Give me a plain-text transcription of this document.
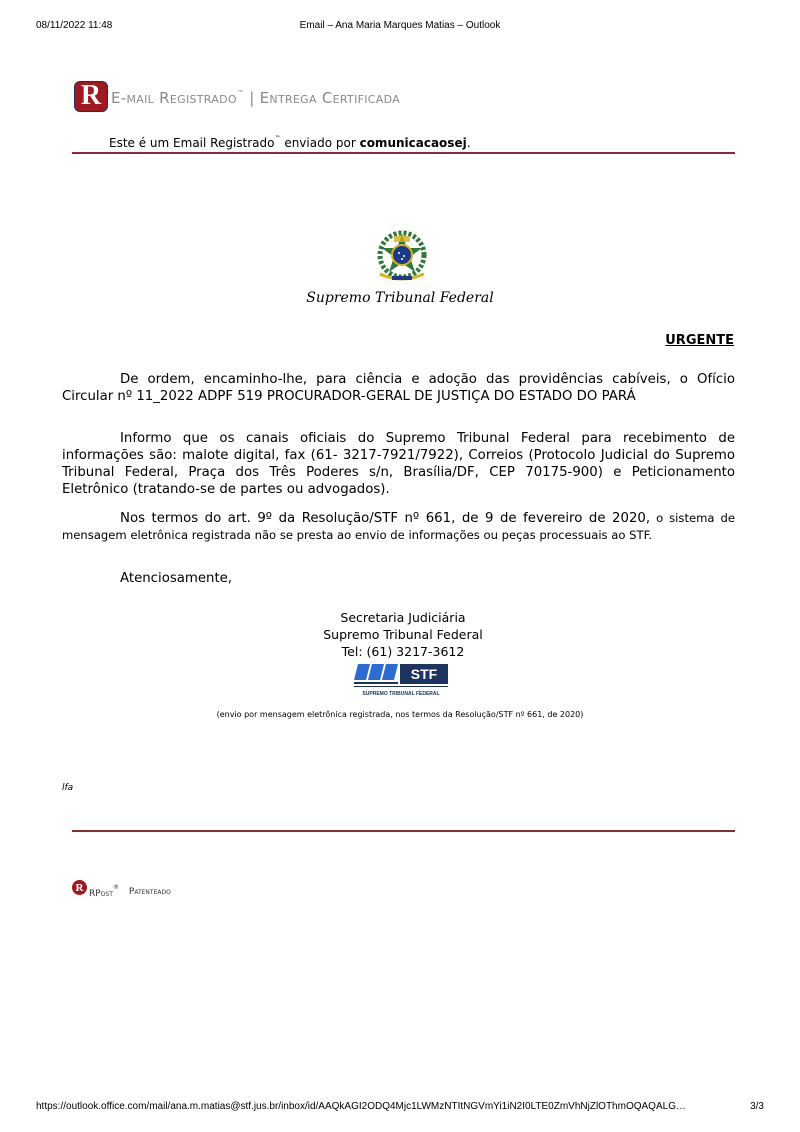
08/11/2022 11:48	Email – Ana Maria Marques Matias – Outlook
R E-mail Registrado™ | Entrega Certificada
Este é um Email Registrado™ enviado por comunicacaosej.
Supremo Tribunal Federal
URGENTE
De ordem, encaminho-lhe, para ciência e adoção das providências cabíveis, o Ofício Circular nº 11_2022 ADPF 519 PROCURADOR-GERAL DE JUSTIÇA DO ESTADO DO PARÁ
Informo que os canais oficiais do Supremo Tribunal Federal para recebimento de informações são: malote digital, fax (61- 3217-7921/7922), Correios (Protocolo Judicial do Supremo Tribunal Federal, Praça dos Três Poderes s/n, Brasília/DF, CEP 70175-900) e Peticionamento Eletrônico (tratando-se de partes ou advogados).
Nos termos do art. 9º da Resolução/STF nº 661, de 9 de fevereiro de 2020, o sistema de mensagem eletrônica registrada não se presta ao envio de informações ou peças processuais ao STF.
Atenciosamente,
Secretaria Judiciária
Supremo Tribunal Federal
Tel: (61) 3217-3612
STF
SUPREMO TRIBUNAL FEDERAL
(envio por mensagem eletrônica registrada, nos termos da Resolução/STF nº 661, de 2020)
lfa
R
RPost® Patenteado
https://outlook.office.com/mail/ana.m.matias@stf.jus.br/inbox/id/AAQkAGI2ODQ4Mjc1LWMzNTItNGVmYi1iN2I0LTE0ZmVhNjZlOThmOQAQALG…	3/3
